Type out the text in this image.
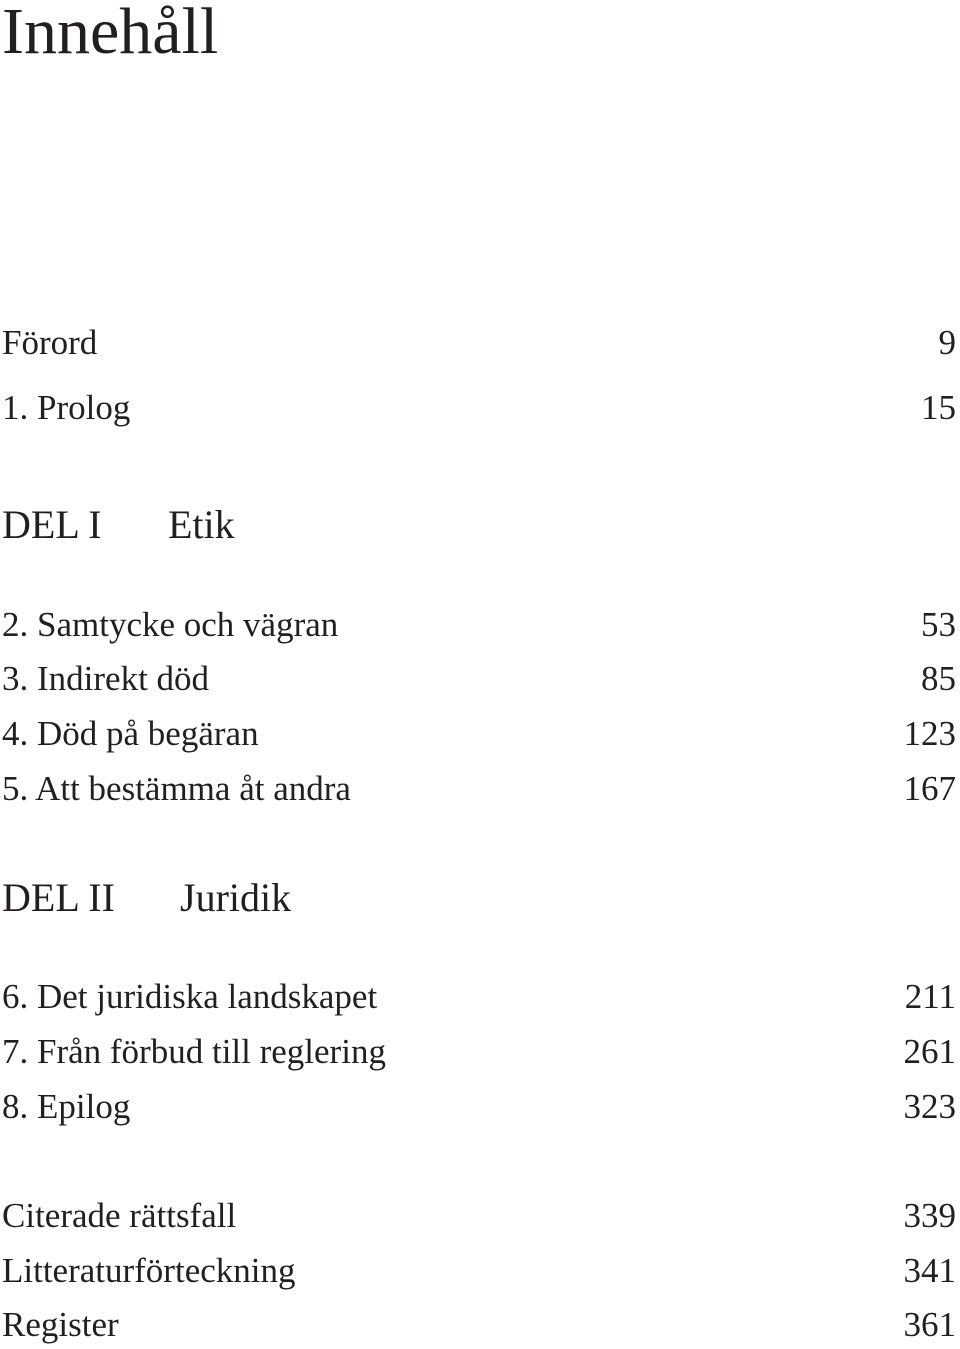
Innehåll
Förord	9
1. Prolog	15
DEL I Etik
2. Samtycke och vägran	53
3. Indirekt död	85
4. Död på begäran	123
5. Att bestämma åt andra	167
DEL II Juridik
6. Det juridiska landskapet	211
7. Från förbud till reglering	261
8. Epilog	323
Citerade rättsfall	339
Litteraturförteckning	341
Register	361
